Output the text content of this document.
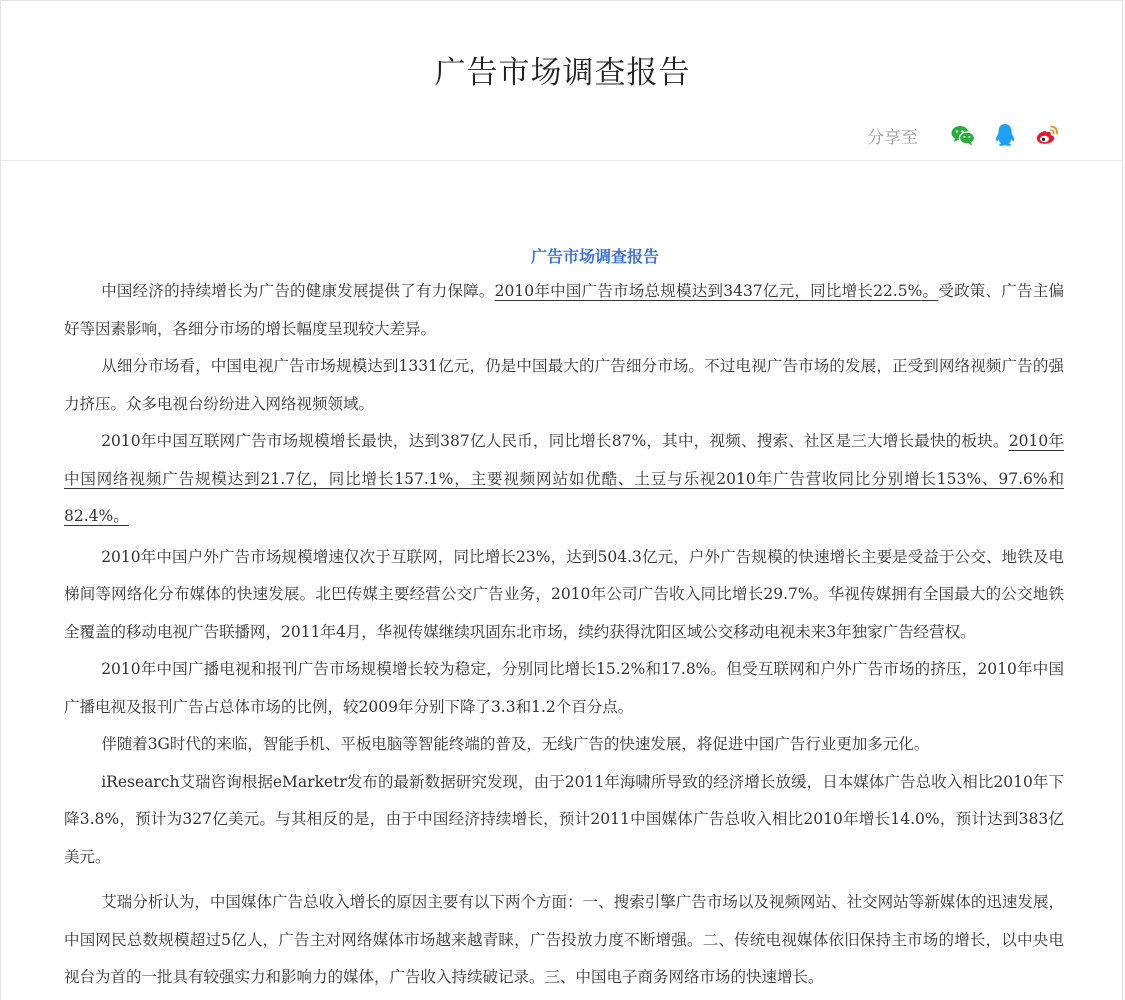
广告市场调查报告
分享至
广告市场调查报告

中国经济的持续增长为广告的健康发展提供了有力保障。2010年中国广告市场总规模达到3437亿元，同比增长22.5%。受政策、广告主偏好等因素影响，各细分市场的增长幅度呈现较大差异。

从细分市场看，中国电视广告市场规模达到1331亿元，仍是中国最大的广告细分市场。不过电视广告市场的发展，正受到网络视频广告的强力挤压。众多电视台纷纷进入网络视频领域。

2010年中国互联网广告市场规模增长最快，达到387亿人民币，同比增长87%，其中，视频、搜索、社区是三大增长最快的板块。2010年中国网络视频广告规模达到21.7亿，同比增长157.1%，主要视频网站如优酷、土豆与乐视2010年广告营收同比分别增长153%、97.6%和82.4%。

2010年中国户外广告市场规模增速仅次于互联网，同比增长23%，达到504.3亿元，户外广告规模的快速增长主要是受益于公交、地铁及电梯间等网络化分布媒体的快速发展。北巴传媒主要经营公交广告业务，2010年公司广告收入同比增长29.7%。华视传媒拥有全国最大的公交地铁全覆盖的移动电视广告联播网，2011年4月，华视传媒继续巩固东北市场，续约获得沈阳区域公交移动电视未来3年独家广告经营权。

2010年中国广播电视和报刊广告市场规模增长较为稳定，分别同比增长15.2%和17.8%。但受互联网和户外广告市场的挤压，2010年中国广播电视及报刊广告占总体市场的比例，较2009年分别下降了3.3和1.2个百分点。

伴随着3G时代的来临，智能手机、平板电脑等智能终端的普及，无线广告的快速发展，将促进中国广告行业更加多元化。

iResearch艾瑞咨询根据eMarketr发布的最新数据研究发现，由于2011年海啸所导致的经济增长放缓，日本媒体广告总收入相比2010年下降3.8%，预计为327亿美元。与其相反的是，由于中国经济持续增长，预计2011中国媒体广告总收入相比2010年增长14.0%，预计达到383亿美元。

艾瑞分析认为，中国媒体广告总收入增长的原因主要有以下两个方面：一、搜索引擎广告市场以及视频网站、社交网站等新媒体的迅速发展，中国网民总数规模超过5亿人，广告主对网络媒体市场越来越青睐，广告投放力度不断增强。二、传统电视媒体依旧保持主市场的增长，以中央电视台为首的一批具有较强实力和影响力的媒体，广告收入持续破记录。三、中国电子商务网络市场的快速增长。
